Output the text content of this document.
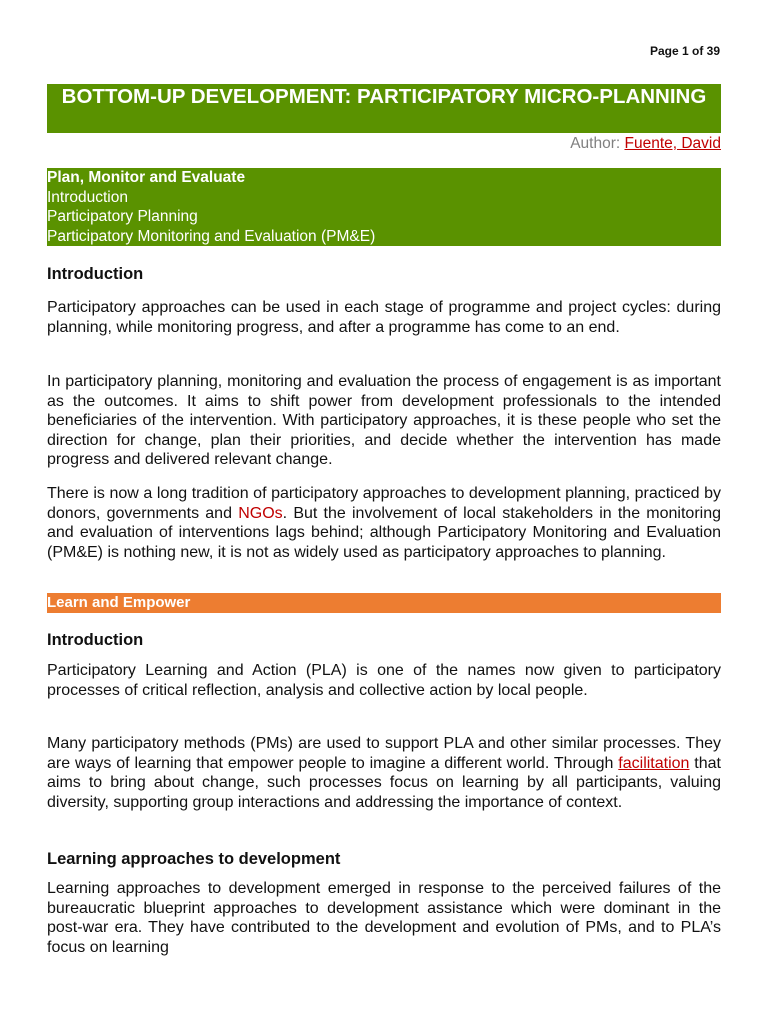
Page 1 of 39
BOTTOM-UP DEVELOPMENT: PARTICIPATORY MICRO-PLANNING
Author: Fuente, David
Plan, Monitor and Evaluate
Introduction
Participatory Planning
Participatory Monitoring and Evaluation (PM&E)
Introduction

Participatory approaches can be used in each stage of programme and project cycles: during planning, while monitoring progress, and after a programme has come to an end.

In participatory planning, monitoring and evaluation the process of engagement is as important as the outcomes. It aims to shift power from development professionals to the intended beneficiaries of the intervention. With participatory approaches, it is these people who set the direction for change, plan their priorities, and decide whether the intervention has made progress and delivered relevant change.

There is now a long tradition of participatory approaches to development planning, practiced by donors, governments and NGOs. But the involvement of local stakeholders in the monitoring and evaluation of interventions lags behind; although Participatory Monitoring and Evaluation (PM&E) is nothing new, it is not as widely used as participatory approaches to planning.

Learn and Empower
Introduction

Participatory Learning and Action (PLA) is one of the names now given to participatory processes of critical reflection, analysis and collective action by local people.

Many participatory methods (PMs) are used to support PLA and other similar processes. They are ways of learning that empower people to imagine a different world. Through facilitation that aims to bring about change, such processes focus on learning by all participants, valuing diversity, supporting group interactions and addressing the importance of context.

Learning approaches to development

Learning approaches to development emerged in response to the perceived failures of the bureaucratic blueprint approaches to development assistance which were dominant in the post-war era. They have contributed to the development and evolution of PMs, and to PLA’s focus on learning
